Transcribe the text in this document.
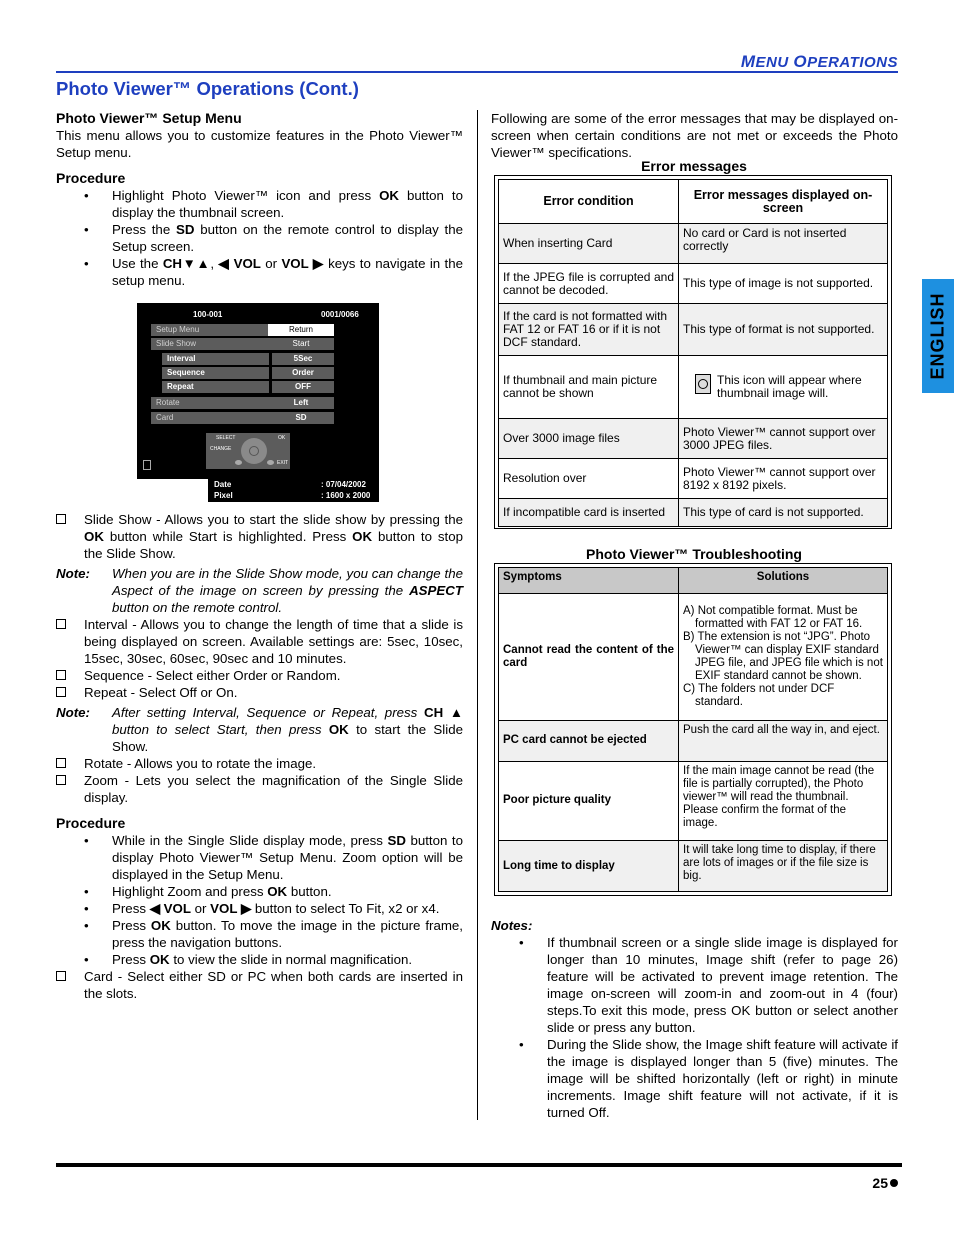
MENU OPERATIONS
Photo Viewer™ Operations (Cont.)
Photo Viewer™ Setup Menu

This menu allows you to customize features in the Photo Viewer™ Setup menu.

Procedure
• Highlight Photo Viewer™ icon and press OK button to display the thumbnail screen.
• Press the SD button on the remote control to display the Setup screen.
• Use the CH▼▲, ◀ VOL or VOL ▶ keys to navigate in the setup menu.
Slide Show - Allows you to start the slide show by pressing the OK button while Start is highlighted. Press OK button to stop the Slide Show.
Note: When you are in the Slide Show mode, you can change the Aspect of the image on screen by pressing the ASPECT button on the remote control.
Interval - Allows you to change the length of time that a slide is being displayed on screen. Available settings are: 5sec, 10sec, 15sec, 30sec, 60sec, 90sec and 10 minutes.
Sequence - Select either Order or Random.
Repeat - Select Off or On.
Note: After setting Interval, Sequence or Repeat, press CH ▲ button to select Start, then press OK to start the Slide Show.
Rotate - Allows you to rotate the image.
Zoom - Lets you select the magnification of the Single Slide display.
Procedure
• While in the Single Slide display mode, press SD button to display Photo Viewer™ Setup Menu. Zoom option will be displayed in the Setup Menu.
• Highlight Zoom and press OK button.
• Press ◀ VOL or VOL ▶ button to select To Fit, x2 or x4.
• Press OK button. To move the image in the picture frame, press the navigation buttons.
• Press OK to view the slide in normal magnification.
Card - Select either SD or PC when both cards are inserted in the slots.
100-001	0001/0066
Setup Menu	Return
Slide Show	Start
Interval	5Sec
Sequence	Order
Repeat	OFF
Rotate	Left
Card	SD
SELECT	OK
CHANGE
EXIT
Date	: 07/04/2002
Pixel	: 1600 x 2000

Following are some of the error messages that may be displayed on-screen when certain conditions are not met or exceeds the Photo Viewer™ specifications.

Error messages
Error condition	Error messages displayed on-screen
When inserting Card	No card or Card is not inserted correctly
If the JPEG file is corrupted and cannot be decoded.	This type of image is not supported.
If the card is not formatted with FAT 12 or FAT 16 or if it is not DCF standard.	This type of format is not supported.
If thumbnail and main picture cannot be shown	This icon will appear where thumbnail image will.

Over 3000 image files	Photo Viewer™ cannot support over 3000 JPEG files.
Resolution over	Photo Viewer™ cannot support over 8192 x 8192 pixels.
If incompatible card is inserted	This type of card is not supported.
Photo Viewer™ Troubleshooting
Symptoms	Solutions
Cannot read the content of the card	A) Not compatible format. Must be formatted with FAT 12 or FAT 16.
B) The extension is not “JPG”. Photo Viewer™ can display EXIF standard JPEG file, and JPEG file which is not EXIF standard cannot be shown.
C) The folders not under DCF standard.

PC card cannot be ejected	Push the card all the way in, and eject.
Poor picture quality	If the main image cannot be read (the file is partially corrupted), the Photo viewer™ will read the thumbnail. Please confirm the format of the image.
Long time to display	It will take long time to display, if there are lots of images or if the file size is big.
Notes:
• If thumbnail screen or a single slide image is displayed for longer than 10 minutes, Image shift (refer to page 26) feature will be activated to prevent image retention. The image on-screen will zoom-in and zoom-out in 4 (four) steps.To exit this mode, press OK button or select another slide or press any button.
• During the Slide show, the Image shift feature will activate if the image is displayed longer than 5 (five) minutes. The image will be shifted horizontally (left or right) in minute increments. Image shift feature will not activate, if it is turned Off.
ENGLISH
25
